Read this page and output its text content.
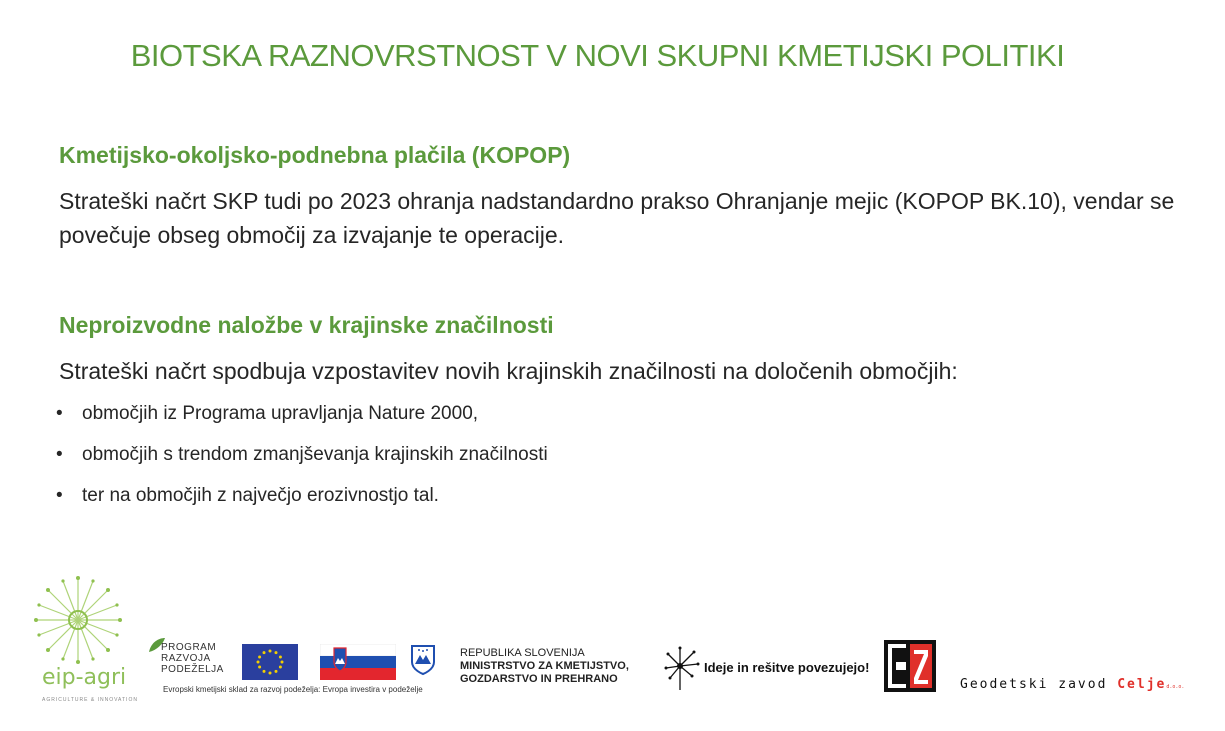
BIOTSKA RAZNOVRSTNOST V NOVI SKUPNI KMETIJSKI POLITIKI
Kmetijsko-okoljsko-podnebna plačila (KOPOP)
Strateški načrt SKP tudi po 2023 ohranja nadstandardno prakso Ohranjanje mejic (KOPOP BK.10), vendar se povečuje obseg območij za izvajanje te operacije.
Neproizvodne naložbe v krajinske značilnosti
Strateški načrt spodbuja vzpostavitev novih krajinskih značilnosti na določenih območjih:
• območjih iz Programa upravljanja Nature 2000,
• območjih s trendom zmanjševanja krajinskih značilnosti
• ter na območjih z največjo erozivnostjo tal.
eip-agri
AGRICULTURE & INNOVATION
PROGRAM
RAZVOJA
PODEŽELJA
Evropski kmetijski sklad za razvoj podeželja: Evropa investira v podeželje
REPUBLIKA SLOVENIJA
MINISTRSTVO ZA KMETIJSTVO,
GOZDARSTVO IN PREHRANO
Ideje in rešitve povezujejo!
Geodetski zavod Celjed.o.o.
